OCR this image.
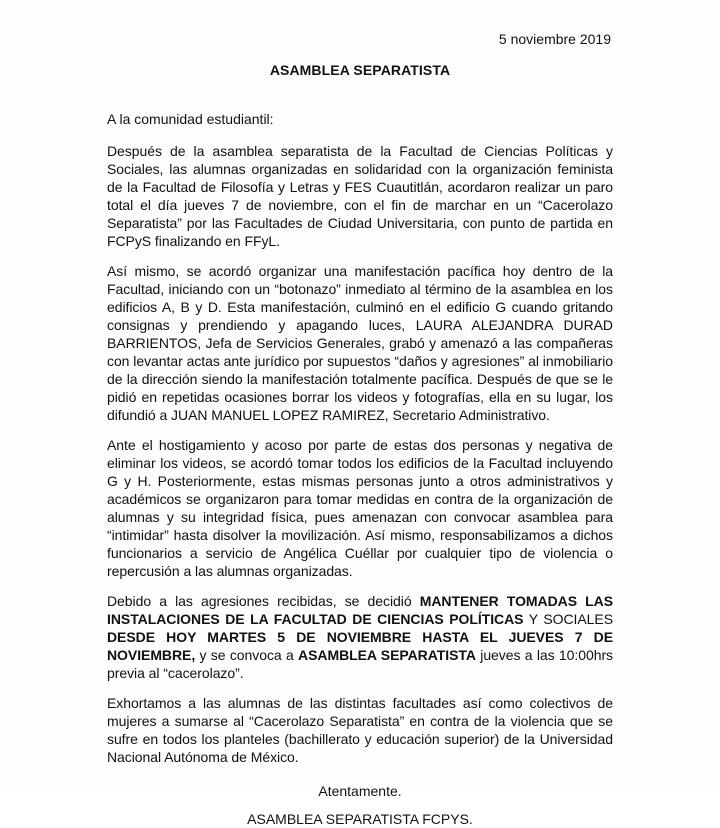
5 noviembre 2019

ASAMBLEA SEPARATISTA

A la comunidad estudiantil:

Después de la asamblea separatista de la Facultad de Ciencias Políticas y Sociales, las alumnas organizadas en solidaridad con la organización feminista de la Facultad de Filosofía y Letras y FES Cuautitlán, acordaron realizar un paro total el día jueves 7 de noviembre, con el fin de marchar en un “Cacerolazo Separatista” por las Facultades de Ciudad Universitaria, con punto de partida en FCPyS finalizando en FFyL.

Así mismo, se acordó organizar una manifestación pacífica hoy dentro de la Facultad, iniciando con un “botonazo” inmediato al término de la asamblea en los edificios A, B y D. Esta manifestación, culminó en el edificio G cuando gritando consignas y prendiendo y apagando luces, LAURA ALEJANDRA DURAD BARRIENTOS, Jefa de Servicios Generales, grabó y amenazó a las compañeras con levantar actas ante jurídico por supuestos “daños y agresiones” al inmobiliario de la dirección siendo la manifestación totalmente pacífica. Después de que se le pidió en repetidas ocasiones borrar los videos y fotografías, ella en su lugar, los difundió a JUAN MANUEL LOPEZ RAMIREZ, Secretario Administrativo.

Ante el hostigamiento y acoso por parte de estas dos personas y negativa de eliminar los videos, se acordó tomar todos los edificios de la Facultad incluyendo G y H. Posteriormente, estas mismas personas junto a otros administrativos y académicos se organizaron para tomar medidas en contra de la organización de alumnas y su integridad física, pues amenazan con convocar asamblea para “intimidar” hasta disolver la movilización. Así mismo, responsabilizamos a dichos funcionarios a servicio de Angélica Cuéllar por cualquier tipo de violencia o repercusión a las alumnas organizadas.

Debido a las agresiones recibidas, se decidió MANTENER TOMADAS LAS INSTALACIONES DE LA FACULTAD DE CIENCIAS POLÍTICAS Y SOCIALES DESDE HOY MARTES 5 DE NOVIEMBRE HASTA EL JUEVES 7 DE NOVIEMBRE, y se convoca a ASAMBLEA SEPARATISTA jueves a las 10:00hrs previa al “cacerolazo”.

Exhortamos a las alumnas de las distintas facultades así como colectivos de mujeres a sumarse al “Cacerolazo Separatista” en contra de la violencia que se sufre en todos los planteles (bachillerato y educación superior) de la Universidad Nacional Autónoma de México.

Atentamente.

ASAMBLEA SEPARATISTA FCPYS.
